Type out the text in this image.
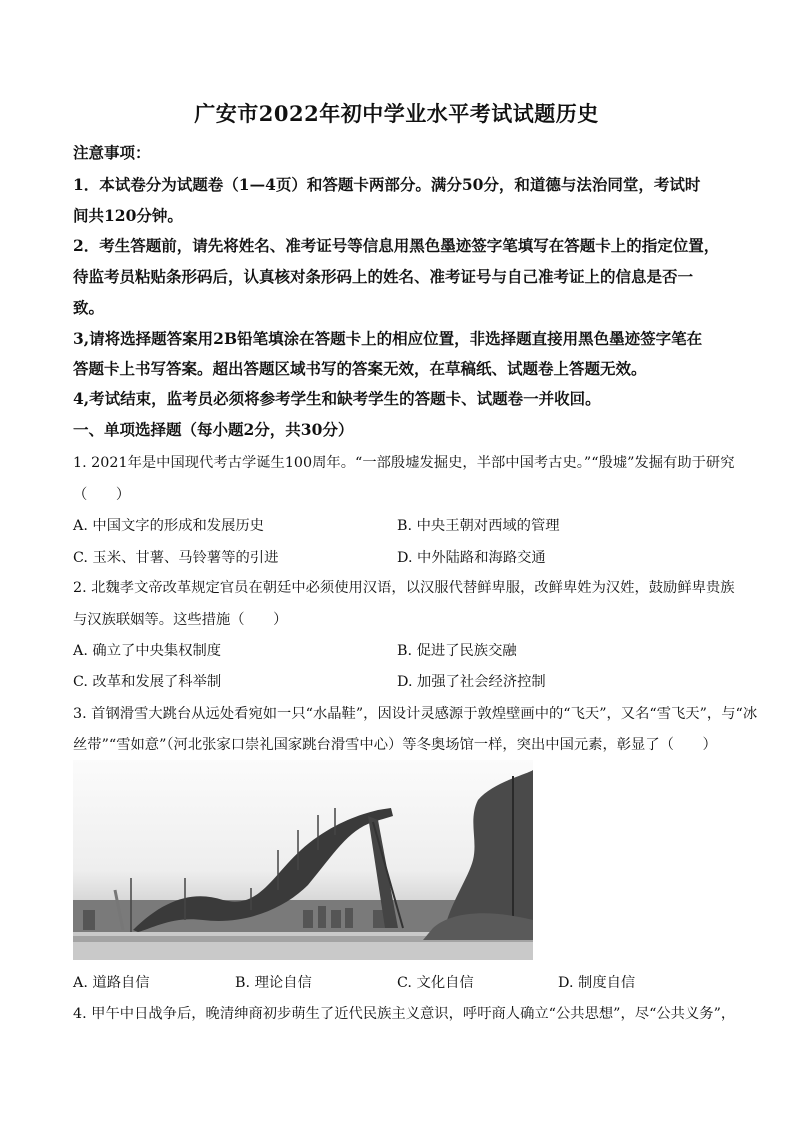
广安市2022年初中学业水平考试试题历史
注意事项：
1．本试卷分为试题卷（1—4页）和答题卡两部分。满分50分，和道德与法治同堂，考试时
间共120分钟。
2．考生答题前，请先将姓名、准考证号等信息用黑色墨迹签字笔填写在答题卡上的指定位置，
待监考员粘贴条形码后，认真核对条形码上的姓名、准考证号与自己准考证上的信息是否一
致。
3,请将选择题答案用2B铅笔填涂在答题卡上的相应位置，非选择题直接用黑色墨迹签字笔在
答题卡上书写答案。超出答题区域书写的答案无效，在草稿纸、试题卷上答题无效。
4,考试结束，监考员必须将参考学生和缺考学生的答题卡、试题卷一并收回。
一、单项选择题（每小题2分，共30分）
1. 2021年是中国现代考古学诞生100周年。“一部殷墟发掘史，半部中国考古史。”“殷墟”发掘有助于研究
（　　）
A. 中国文字的形成和发展历史	B. 中央王朝对西域的管理
C. 玉米、甘薯、马铃薯等的引进	D. 中外陆路和海路交通
2. 北魏孝文帝改革规定官员在朝廷中必须使用汉语，以汉服代替鲜卑服，改鲜卑姓为汉姓，鼓励鲜卑贵族
与汉族联姻等。这些措施（　　）
A. 确立了中央集权制度	B. 促进了民族交融
C. 改革和发展了科举制	D. 加强了社会经济控制
3. 首钢滑雪大跳台从远处看宛如一只“水晶鞋”，因设计灵感源于敦煌壁画中的“飞天”，又名“雪飞天”，与“冰
丝带”“雪如意”（河北张家口崇礼国家跳台滑雪中心）等冬奥场馆一样，突出中国元素，彰显了（　　）
A. 道路自信	B. 理论自信	C. 文化自信	D. 制度自信
4. 甲午中日战争后，晚清绅商初步萌生了近代民族主义意识，呼吁商人确立“公共思想”，尽“公共义务”，
